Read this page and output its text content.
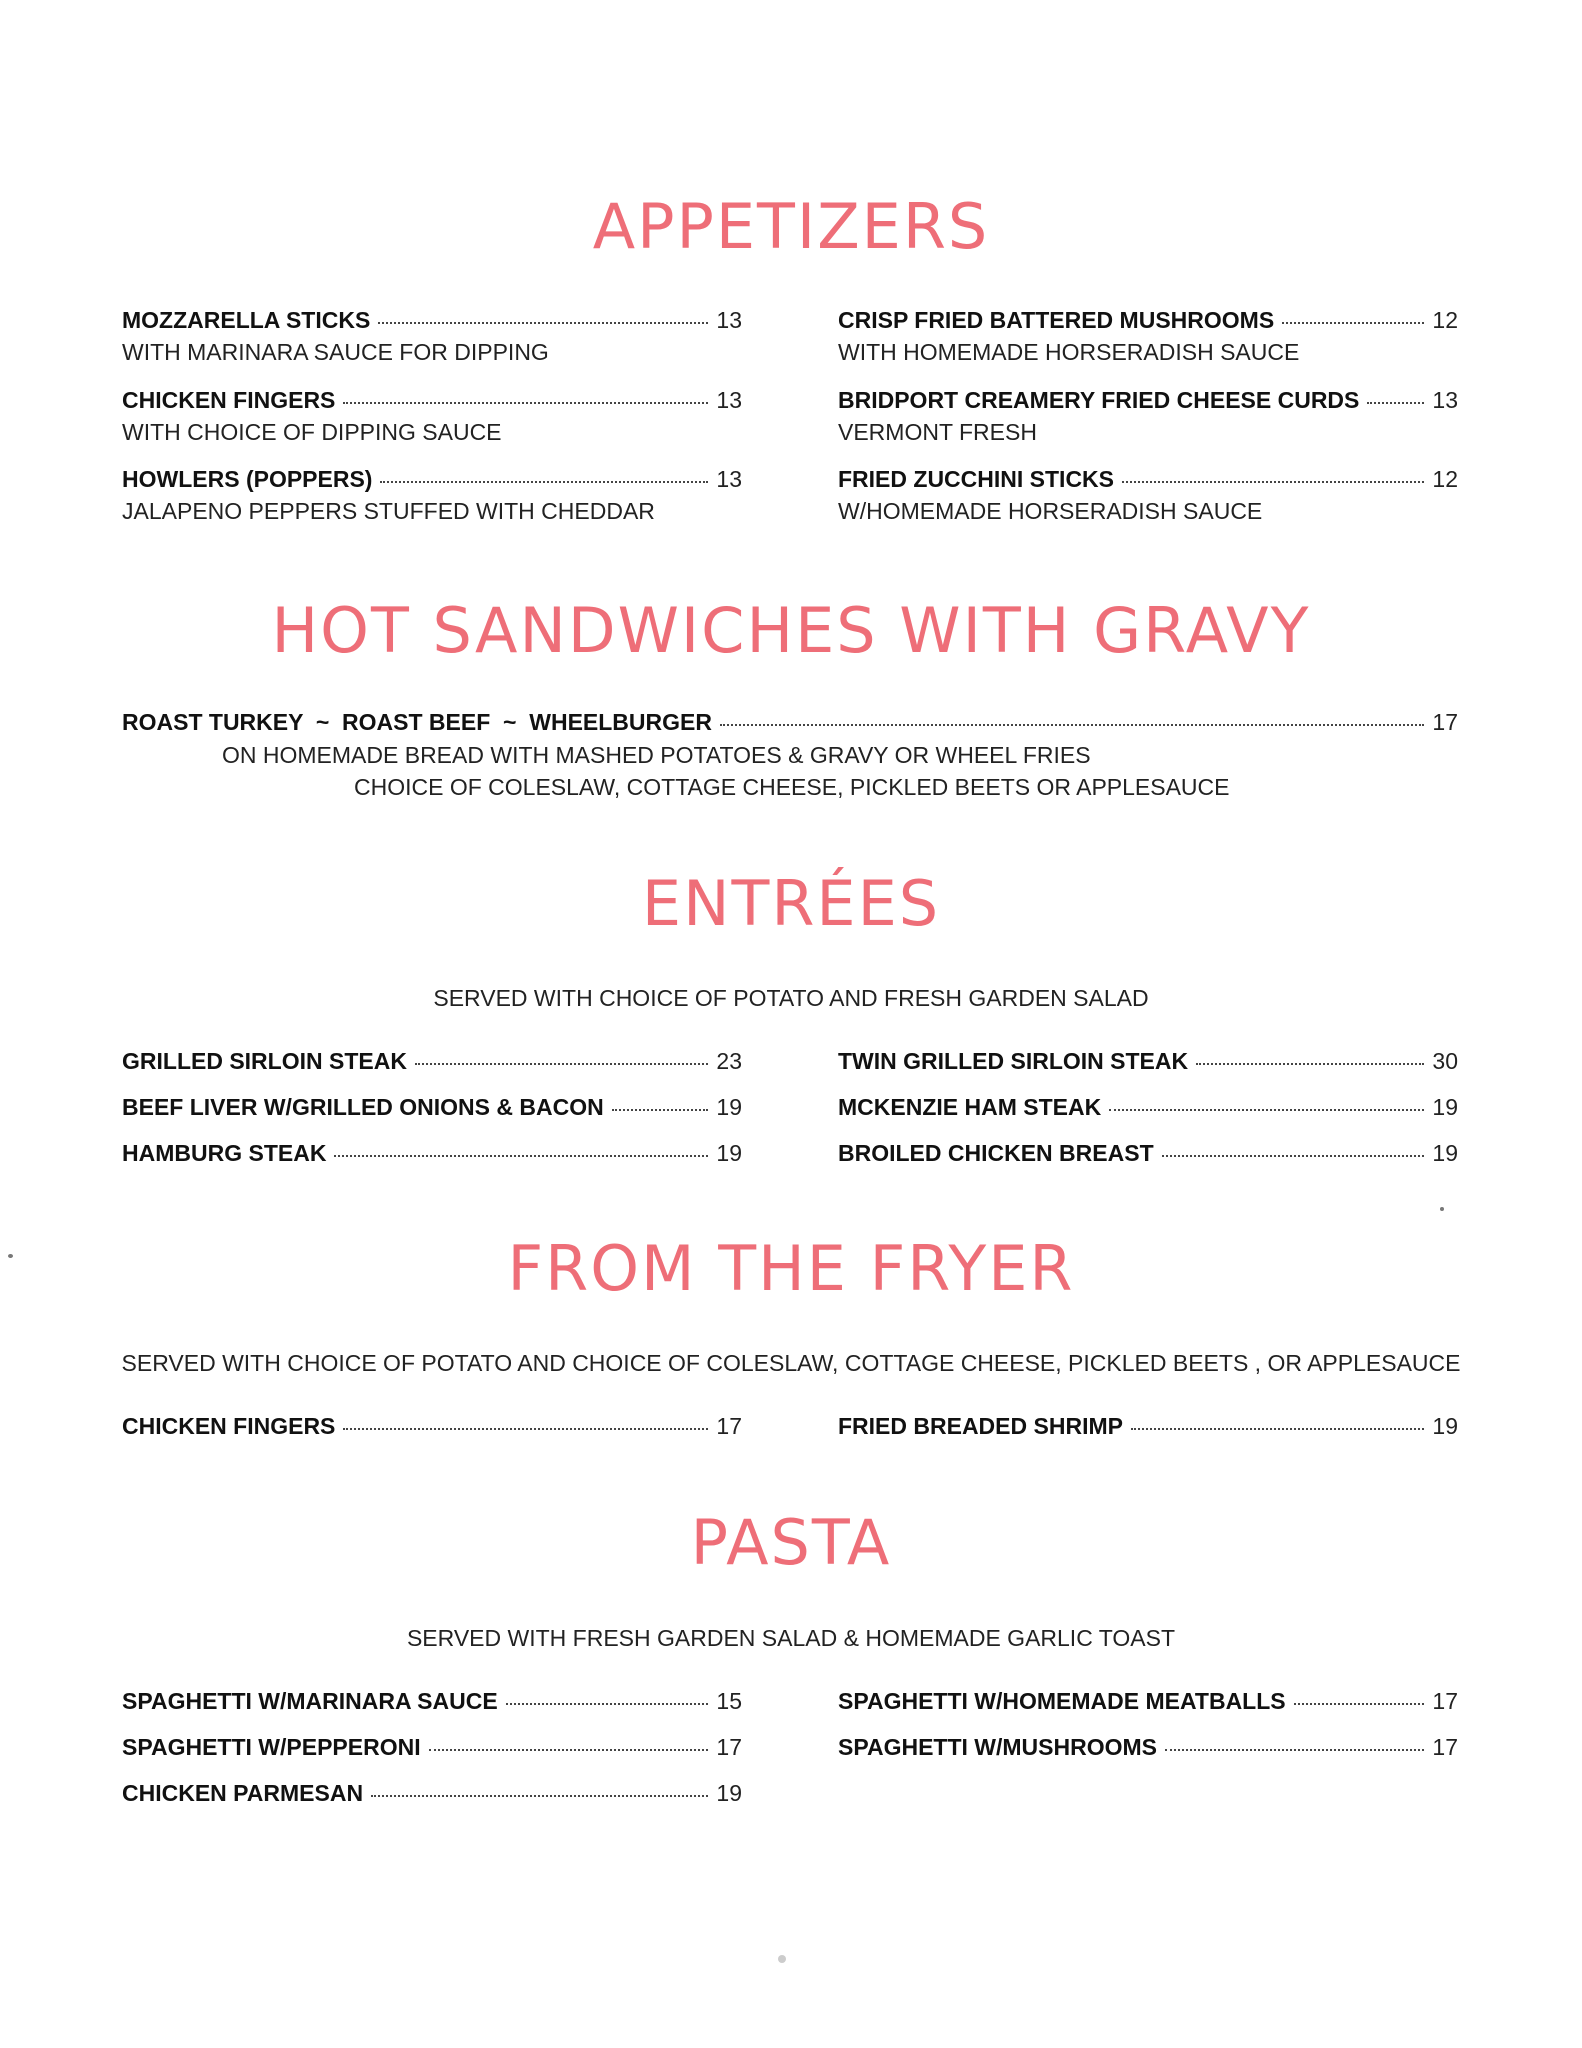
APPETIZERS
MOZZARELLA STICKS	13
WITH MARINARA SAUCE FOR DIPPING
CHICKEN FINGERS	13
WITH CHOICE OF DIPPING SAUCE
HOWLERS (POPPERS)	13
JALAPENO PEPPERS STUFFED WITH CHEDDAR
CRISP FRIED BATTERED MUSHROOMS	12
WITH HOMEMADE HORSERADISH SAUCE
BRIDPORT CREAMERY FRIED CHEESE CURDS	13
VERMONT FRESH
FRIED ZUCCHINI STICKS	12
W/HOMEMADE HORSERADISH SAUCE
HOT SANDWICHES WITH GRAVY
ROAST TURKEY  ~  ROAST BEEF  ~  WHEELBURGER	17
ON HOMEMADE BREAD WITH MASHED POTATOES & GRAVY OR WHEEL FRIES
CHOICE OF COLESLAW, COTTAGE CHEESE, PICKLED BEETS OR APPLESAUCE
ENTRÉES
SERVED WITH CHOICE OF POTATO AND FRESH GARDEN SALAD
GRILLED SIRLOIN STEAK	23
BEEF LIVER W/GRILLED ONIONS & BACON	19
HAMBURG STEAK	19
TWIN GRILLED SIRLOIN STEAK	30
MCKENZIE HAM STEAK	19
BROILED CHICKEN BREAST	19
FROM THE FRYER
SERVED WITH CHOICE OF POTATO AND CHOICE OF COLESLAW, COTTAGE CHEESE, PICKLED BEETS , OR APPLESAUCE
CHICKEN FINGERS	17	FRIED BREADED SHRIMP	19
PASTA
SERVED WITH FRESH GARDEN SALAD & HOMEMADE GARLIC TOAST
SPAGHETTI W/MARINARA SAUCE	15
SPAGHETTI W/PEPPERONI	17
CHICKEN PARMESAN	19
SPAGHETTI W/HOMEMADE MEATBALLS	17
SPAGHETTI W/MUSHROOMS	17
